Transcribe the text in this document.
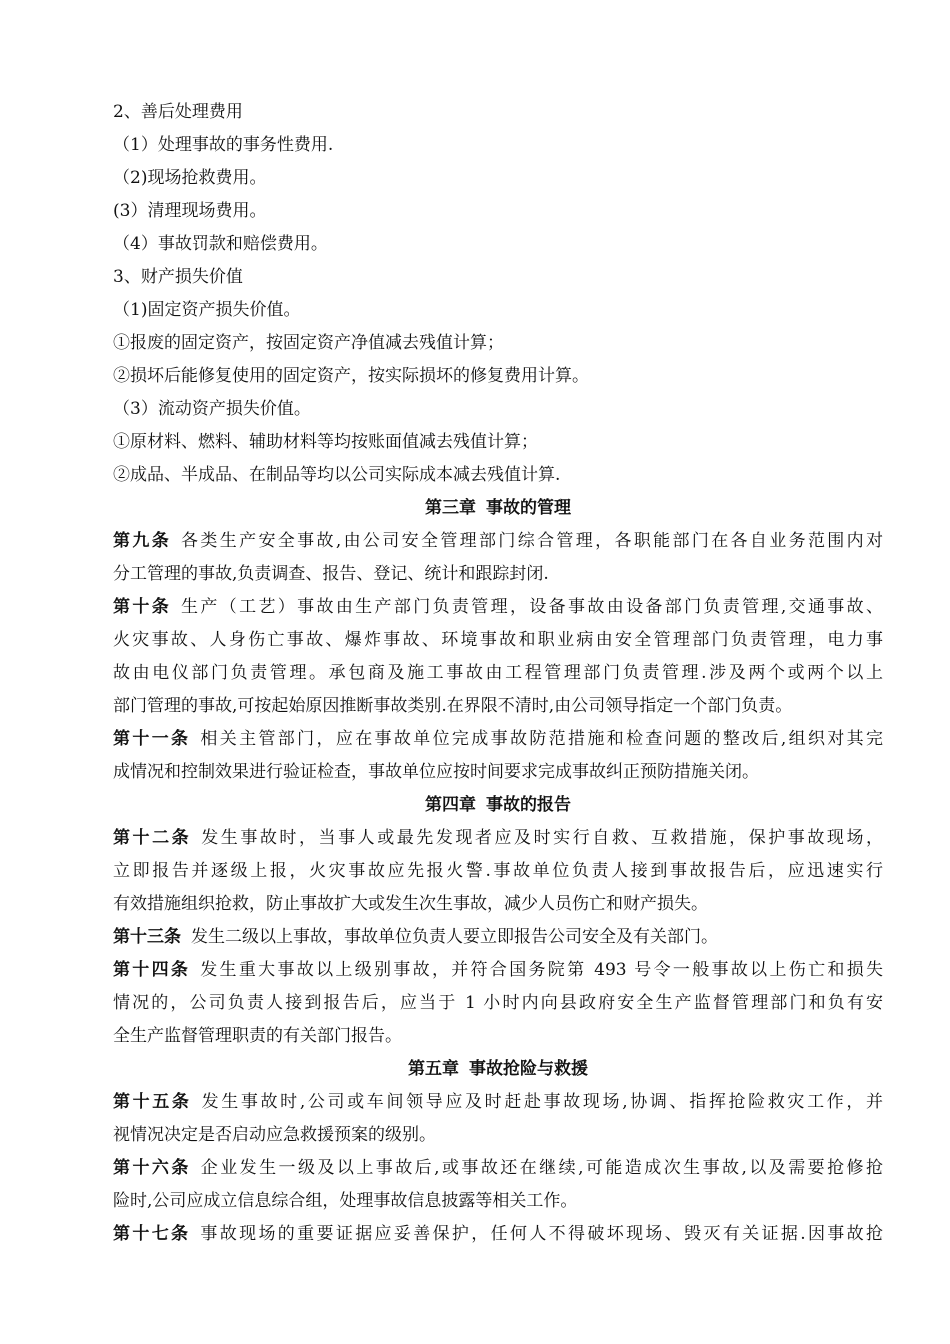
2、善后处理费用
（1）处理事故的事务性费用.
（2)现场抢救费用。
(3）清理现场费用。
（4）事故罚款和赔偿费用。
3、财产损失价值
（1)固定资产损失价值。
①报废的固定资产，按固定资产净值减去残值计算；
②损坏后能修复使用的固定资产，按实际损坏的修复费用计算。
（3）流动资产损失价值。
①原材料、燃料、辅助材料等均按账面值减去残值计算；
②成品、半成品、在制品等均以公司实际成本减去残值计算.
第三章 事故的管理

第九条 各类生产安全事故,由公司安全管理部门综合管理，各职能部门在各自业务范围内对

分工管理的事故,负责调查、报告、登记、统计和跟踪封闭.

第十条 生产（工艺）事故由生产部门负责管理，设备事故由设备部门负责管理,交通事故、

火灾事故、人身伤亡事故、爆炸事故、环境事故和职业病由安全管理部门负责管理，电力事

故由电仪部门负责管理。承包商及施工事故由工程管理部门负责管理.涉及两个或两个以上

部门管理的事故,可按起始原因推断事故类别.在界限不清时,由公司领导指定一个部门负责。

第十一条 相关主管部门，应在事故单位完成事故防范措施和检查问题的整改后,组织对其完

成情况和控制效果进行验证检查，事故单位应按时间要求完成事故纠正预防措施关闭。

第四章 事故的报告

第十二条 发生事故时，当事人或最先发现者应及时实行自救、互救措施，保护事故现场，

立即报告并逐级上报，火灾事故应先报火警.事故单位负责人接到事故报告后，应迅速实行

有效措施组织抢救，防止事故扩大或发生次生事故，减少人员伤亡和财产损失。

第十三条 发生二级以上事故，事故单位负责人要立即报告公司安全及有关部门。

第十四条 发生重大事故以上级别事故，并符合国务院第 493 号令一般事故以上伤亡和损失

情况的，公司负责人接到报告后，应当于 1 小时内向县政府安全生产监督管理部门和负有安

全生产监督管理职责的有关部门报告。

第五章 事故抢险与救援

第十五条 发生事故时,公司或车间领导应及时赶赴事故现场,协调、指挥抢险救灾工作，并

视情况决定是否启动应急救援预案的级别。

第十六条 企业发生一级及以上事故后,或事故还在继续,可能造成次生事故,以及需要抢修抢

险时,公司应成立信息综合组，处理事故信息披露等相关工作。

第十七条 事故现场的重要证据应妥善保护，任何人不得破坏现场、毁灭有关证据.因事故抢
